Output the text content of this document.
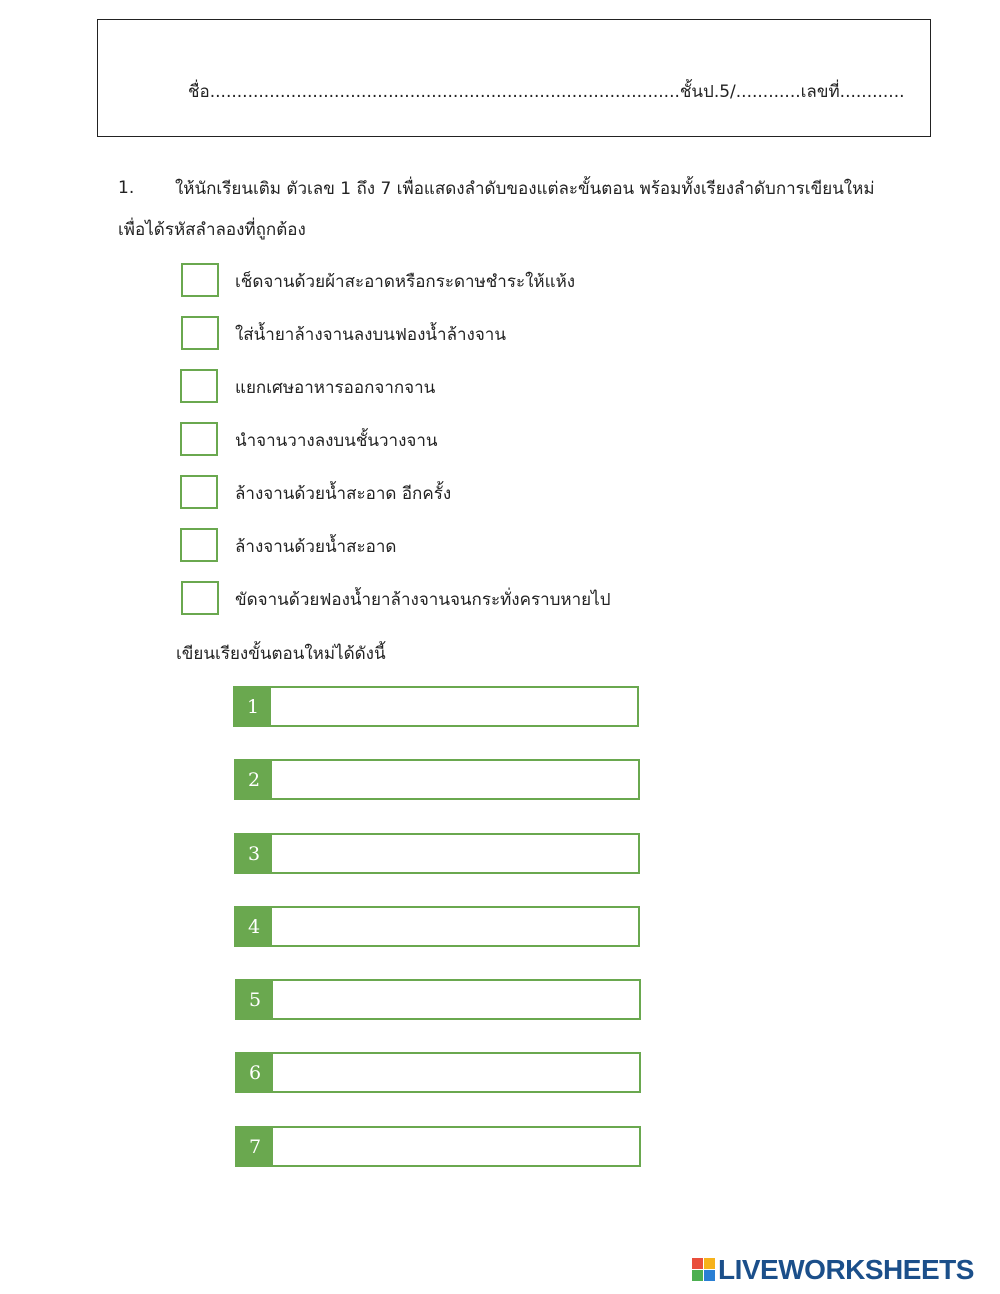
ชื่อ.......................................................................................ชั้นป.5/............เลขที่............
1. ให้นักเรียนเติม ตัวเลข 1 ถึง 7 เพื่อแสดงลำดับของแต่ละขั้นตอน พร้อมทั้งเรียงลำดับการเขียนใหม่
เพื่อได้รหัสลำลองที่ถูกต้อง
เช็ดจานด้วยผ้าสะอาดหรือกระดาษชำระให้แห้ง
ใส่น้ำยาล้างจานลงบนฟองน้ำล้างจาน
แยกเศษอาหารออกจากจาน
นำจานวางลงบนชั้นวางจาน
ล้างจานด้วยน้ำสะอาด อีกครั้ง
ล้างจานด้วยน้ำสะอาด
ขัดจานด้วยฟองน้ำยาล้างจานจนกระทั่งคราบหายไป
เขียนเรียงขั้นตอนใหม่ได้ดังนี้
1
2
3
4
5
6
7
LIVEWORKSHEETS
